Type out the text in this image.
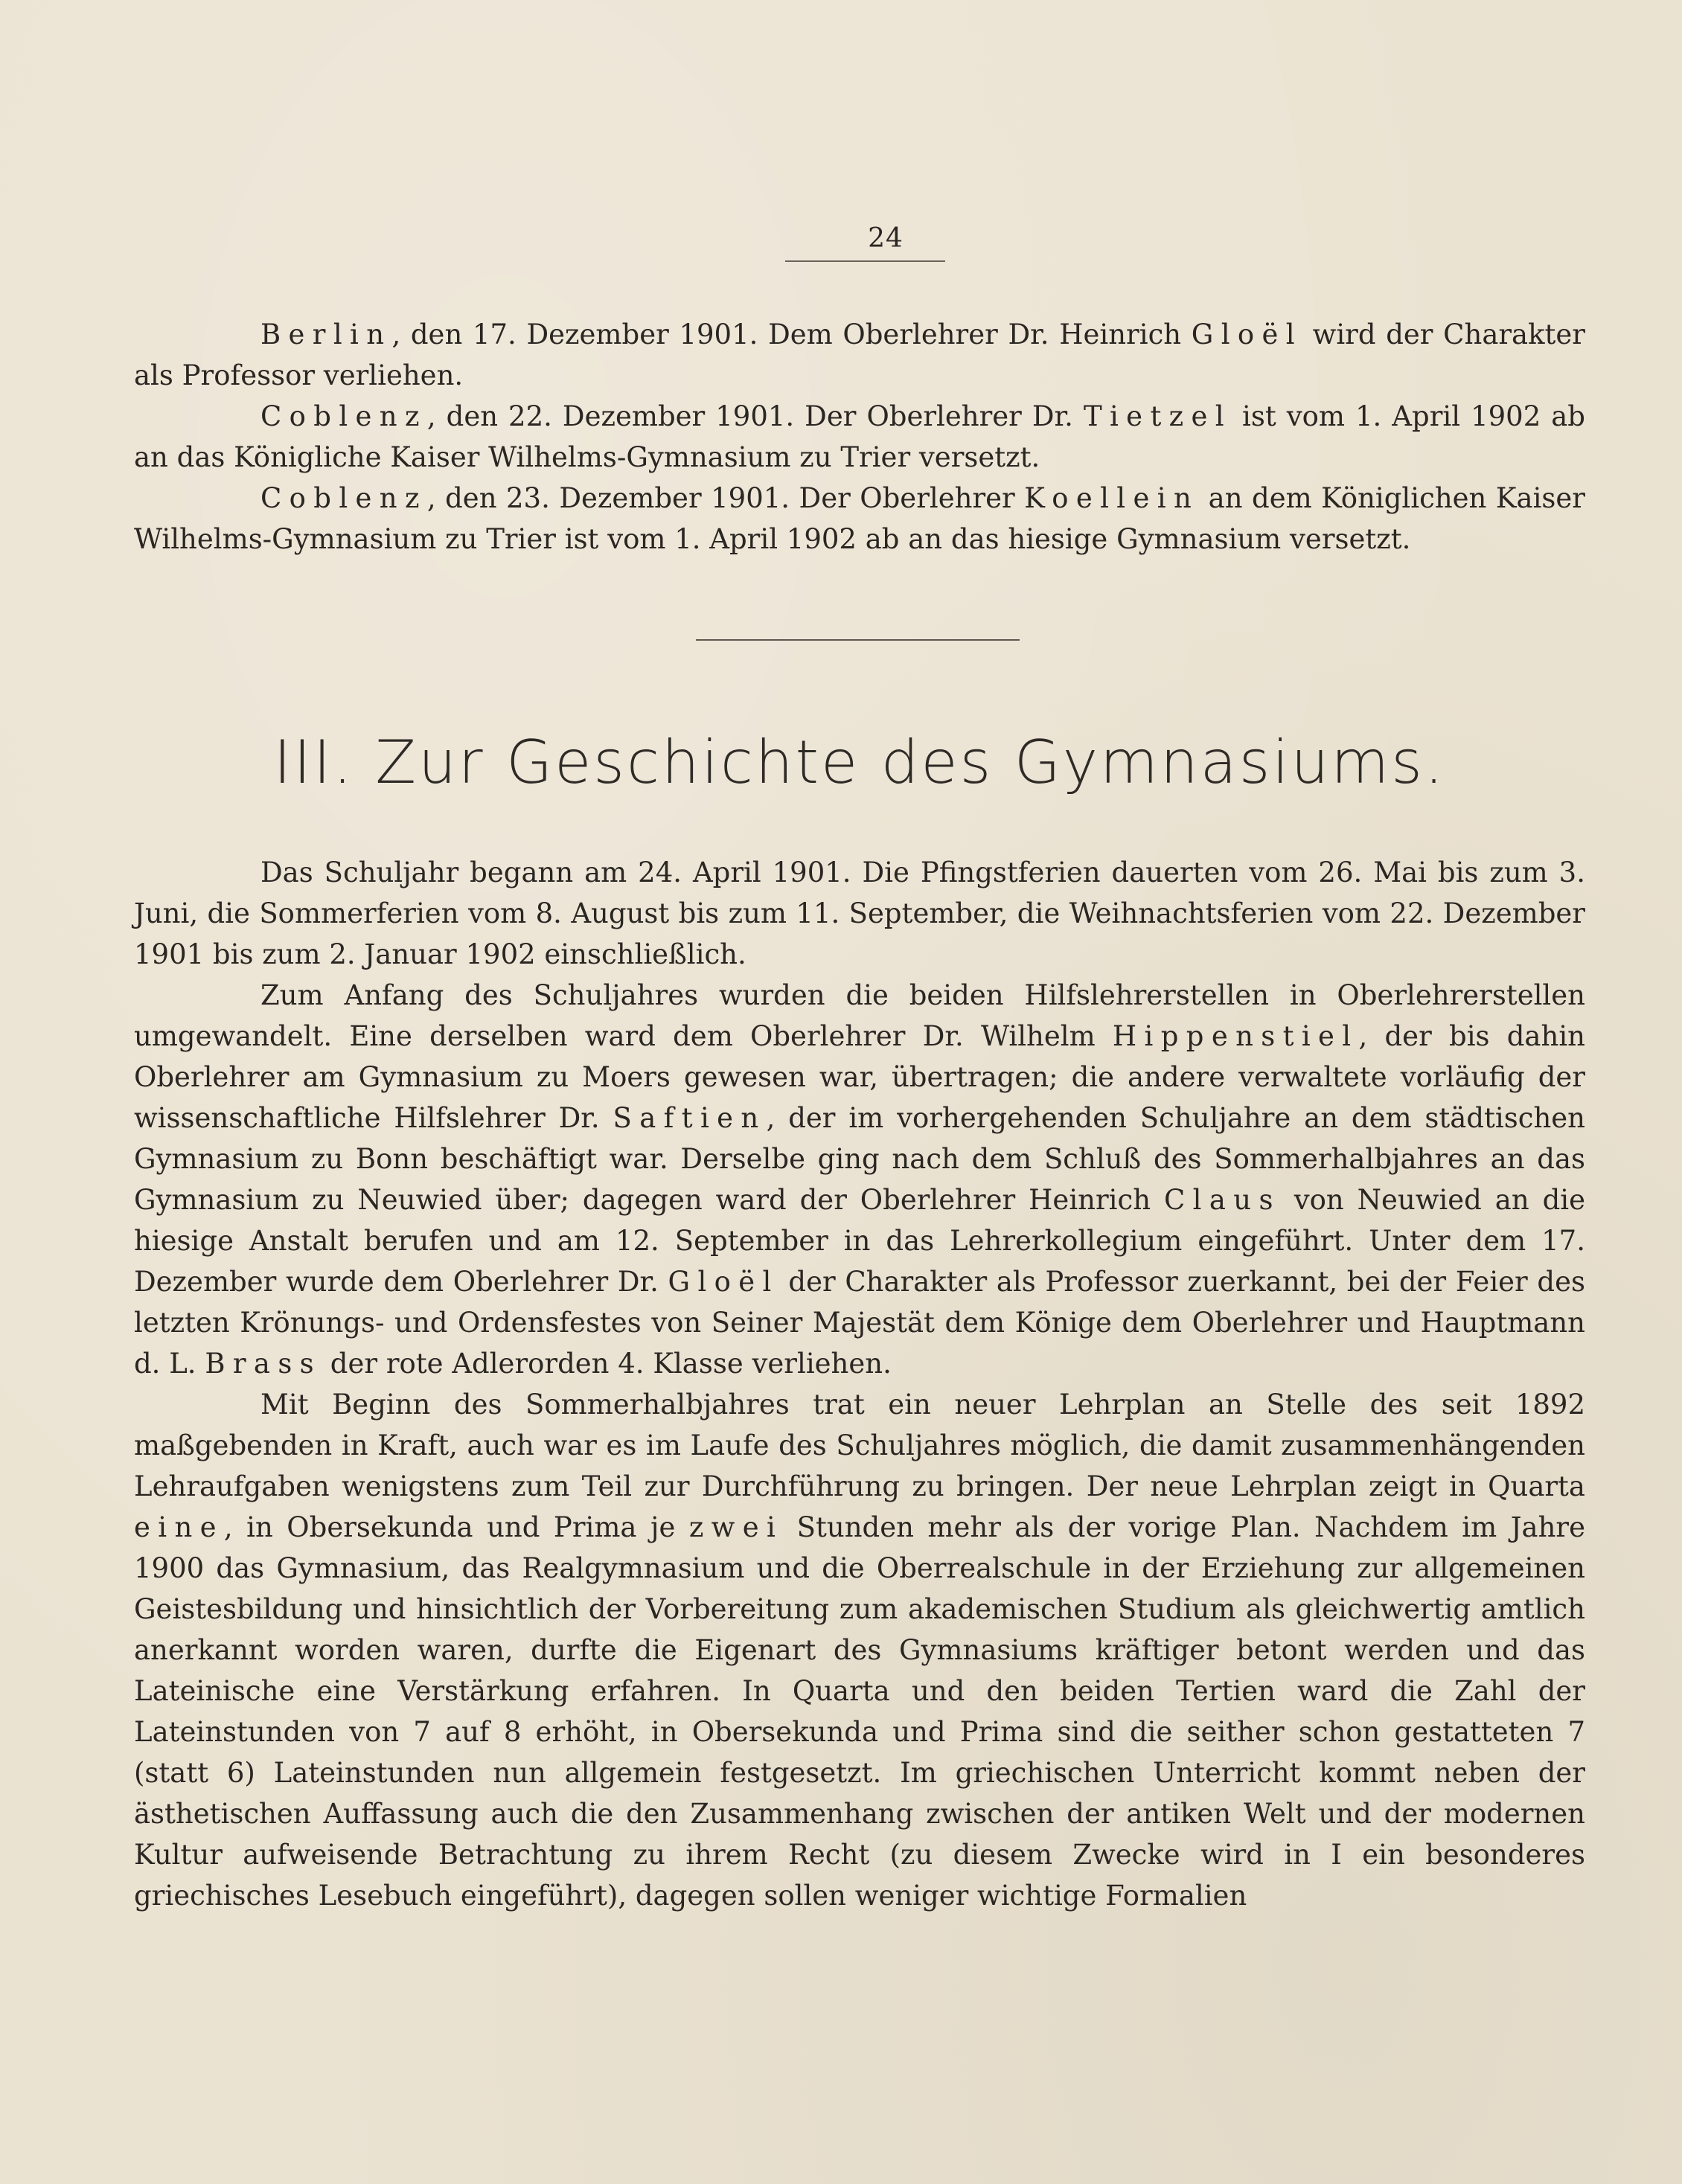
24

Berlin, den 17. Dezember 1901. Dem Oberlehrer Dr. Heinrich Gloël wird der Charakter als Professor verliehen.

Coblenz, den 22. Dezember 1901. Der Oberlehrer Dr. Tietzel ist vom 1. April 1902 ab an das Königliche Kaiser Wilhelms-Gymnasium zu Trier versetzt.

Coblenz, den 23. Dezember 1901. Der Oberlehrer Koellein an dem Königlichen Kaiser Wilhelms-Gymnasium zu Trier ist vom 1. April 1902 ab an das hiesige Gymnasium versetzt.

III. Zur Geschichte des Gymnasiums.

Das Schuljahr begann am 24. April 1901. Die Pfingstferien dauerten vom 26. Mai bis zum 3. Juni, die Sommerferien vom 8. August bis zum 11. September, die Weihnachtsferien vom 22. Dezember 1901 bis zum 2. Januar 1902 einschließlich.

Zum Anfang des Schuljahres wurden die beiden Hilfslehrerstellen in Oberlehrerstellen umgewandelt. Eine derselben ward dem Oberlehrer Dr. Wilhelm Hippenstiel, der bis dahin Oberlehrer am Gymnasium zu Moers gewesen war, übertragen; die andere verwaltete vorläufig der wissenschaftliche Hilfslehrer Dr. Saftien, der im vorhergehenden Schuljahre an dem städtischen Gymnasium zu Bonn beschäftigt war. Derselbe ging nach dem Schluß des Sommerhalbjahres an das Gymnasium zu Neuwied über; dagegen ward der Oberlehrer Heinrich Claus von Neuwied an die hiesige Anstalt berufen und am 12. September in das Lehrerkollegium eingeführt. Unter dem 17. Dezember wurde dem Oberlehrer Dr. Gloël der Charakter als Professor zuerkannt, bei der Feier des letzten Krönungs- und Ordensfestes von Seiner Majestät dem Könige dem Oberlehrer und Hauptmann d. L. Brass der rote Adlerorden 4. Klasse verliehen.

Mit Beginn des Sommerhalbjahres trat ein neuer Lehrplan an Stelle des seit 1892 maßgebenden in Kraft, auch war es im Laufe des Schuljahres möglich, die damit zusammenhängenden Lehraufgaben wenigstens zum Teil zur Durchführung zu bringen. Der neue Lehrplan zeigt in Quarta eine, in Obersekunda und Prima je zwei Stunden mehr als der vorige Plan. Nachdem im Jahre 1900 das Gymnasium, das Realgymnasium und die Oberrealschule in der Erziehung zur allgemeinen Geistesbildung und hinsichtlich der Vorbereitung zum akademischen Studium als gleichwertig amtlich anerkannt worden waren, durfte die Eigenart des Gymnasiums kräftiger betont werden und das Lateinische eine Verstärkung erfahren. In Quarta und den beiden Tertien ward die Zahl der Lateinstunden von 7 auf 8 erhöht, in Obersekunda und Prima sind die seither schon gestatteten 7 (statt 6) Lateinstunden nun allgemein festgesetzt. Im griechischen Unterricht kommt neben der ästhetischen Auffassung auch die den Zusammenhang zwischen der antiken Welt und der modernen Kultur aufweisende Betrachtung zu ihrem Recht (zu diesem Zwecke wird in I ein besonderes griechisches Lesebuch eingeführt), dagegen sollen weniger wichtige Formalien
